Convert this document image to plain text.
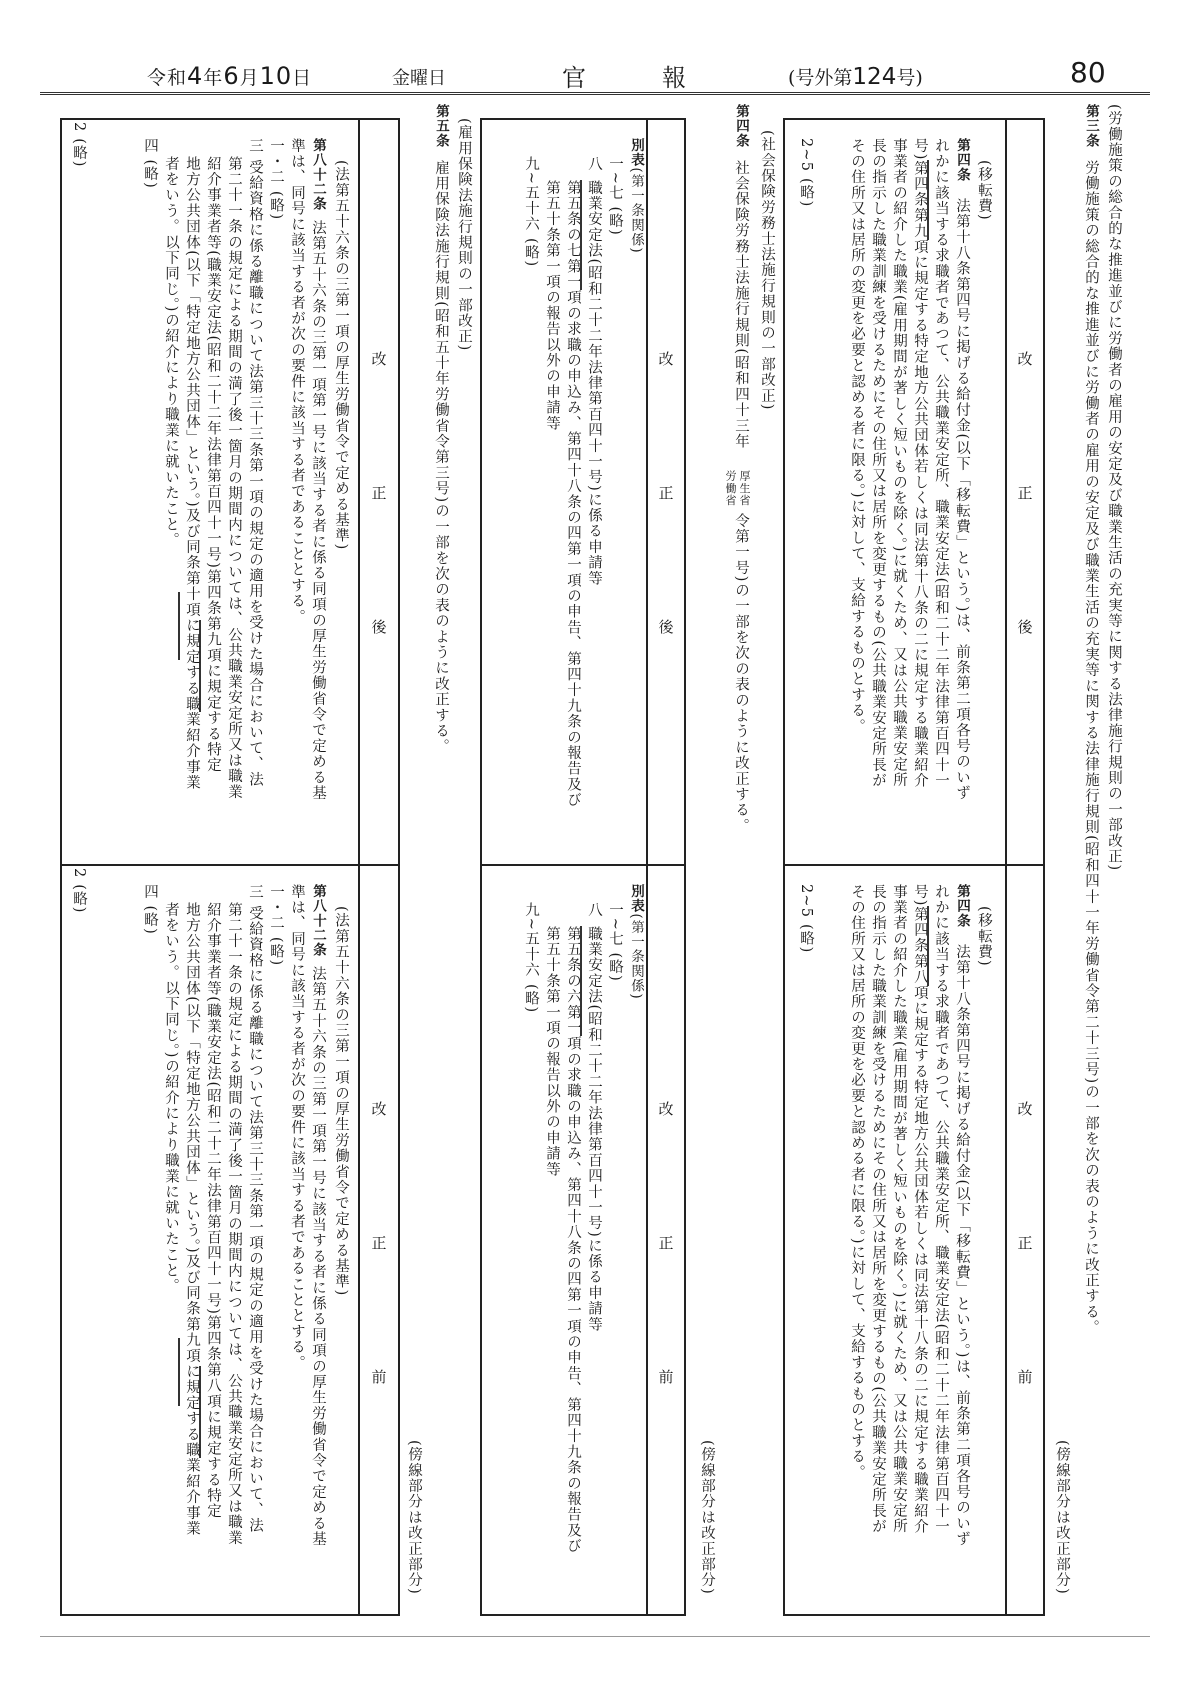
令和4年6月10日	金曜日	官	報	(号外第124号)	80
(労働施策の総合的な推進並びに労働者の雇用の安定及び職業生活の充実等に関する法律施行規則の一部改正)
第三条
労働施策の総合的な推進並びに労働者の雇用の安定及び職業生活の充実等に関する法律施行規則(昭和四十一年労働省令第二十三号)の一部を次の表のように改正する。
(傍線部分は改正部分)
改
正
後
(移転費)
第四条
法第十八条第四号に掲げる給付金(以下「移転費」という。)は、前条第二項各号のいず
れかに該当する求職者であつて、公共職業安定所、職業安定法(昭和二十二年法律第百四十一
号)第四条第九項に規定する特定地方公共団体若しくは同法第十八条の二に規定する職業紹介
事業者の紹介した職業(雇用期間が著しく短いものを除く。)に就くため、又は公共職業安定所
長の指示した職業訓練を受けるためにその住所又は居所を変更するもの(公共職業安定所長が
その住所又は居所の変更を必要と認める者に限る。)に対して、支給するものとする。
2~5 (略)
改
正
前
(移転費)
第四条
法第十八条第四号に掲げる給付金(以下「移転費」という。)は、前条第二項各号のいず
れかに該当する求職者であつて、公共職業安定所、職業安定法(昭和二十二年法律第百四十一
号)第四条第八項に規定する特定地方公共団体若しくは同法第十八条の二に規定する職業紹介
事業者の紹介した職業(雇用期間が著しく短いものを除く。)に就くため、又は公共職業安定所
長の指示した職業訓練を受けるためにその住所又は居所を変更するもの(公共職業安定所長が
その住所又は居所の変更を必要と認める者に限る。)に対して、支給するものとする。
2~5 (略)
(社会保険労務士法施行規則の一部改正)
第四条
社会保険労務士法施行規則(昭和四十三年
厚生省
労働省
令第一号)の一部を次の表のように改正する。
(傍線部分は改正部分)
改
正
後
別表(第一条関係)
一~七 (略)
八
職業安定法(昭和二十二年法律第百四十一号)に係る申請等
第五条の七第一項の求職の申込み、第四十八条の四第一項の申告、第四十九条の報告及び
第五十条第一項の報告以外の申請等
九~五十六 (略)
改
正
前
別表(第一条関係)
一~七 (略)
八
職業安定法(昭和二十二年法律第百四十一号)に係る申請等
第五条の六第一項の求職の申込み、第四十八条の四第一項の申告、第四十九条の報告及び
第五十条第一項の報告以外の申請等
九~五十六 (略)
(雇用保険法施行規則の一部改正)
第五条
雇用保険法施行規則(昭和五十年労働省令第三号)の一部を次の表のように改正する。
(傍線部分は改正部分)
改
正
後
(法第五十六条の三第一項の厚生労働省令で定める基準)
第八十二条
法第五十六条の三第一項第一号に該当する者に係る同項の厚生労働省令で定める基
準は、同号に該当する者が次の要件に該当する者であることとする。
一・二 (略)
三 受給資格に係る離職について法第三十三条第一項の規定の適用を受けた場合において、法
第二十一条の規定による期間の満了後一箇月の期間内については、公共職業安定所又は職業
紹介事業者等(職業安定法(昭和二十二年法律第百四十一号)第四条第九項に規定する特定
地方公共団体(以下「特定地方公共団体」という。)及び同条第十項に規定する職業紹介事業
者をいう。以下同じ。)の紹介により職業に就いたこと。
四 (略)
2 (略)
改
正
前
(法第五十六条の三第一項の厚生労働省令で定める基準)
第八十二条
法第五十六条の三第一項第一号に該当する者に係る同項の厚生労働省令で定める基
準は、同号に該当する者が次の要件に該当する者であることとする。
一・二 (略)
三 受給資格に係る離職について法第三十三条第一項の規定の適用を受けた場合において、法
第二十一条の規定による期間の満了後一箇月の期間内については、公共職業安定所又は職業
紹介事業者等(職業安定法(昭和二十二年法律第百四十一号)第四条第八項に規定する特定
地方公共団体(以下「特定地方公共団体」という。)及び同条第九項に規定する職業紹介事業
者をいう。以下同じ。)の紹介により職業に就いたこと。
四 (略)
2 (略)
